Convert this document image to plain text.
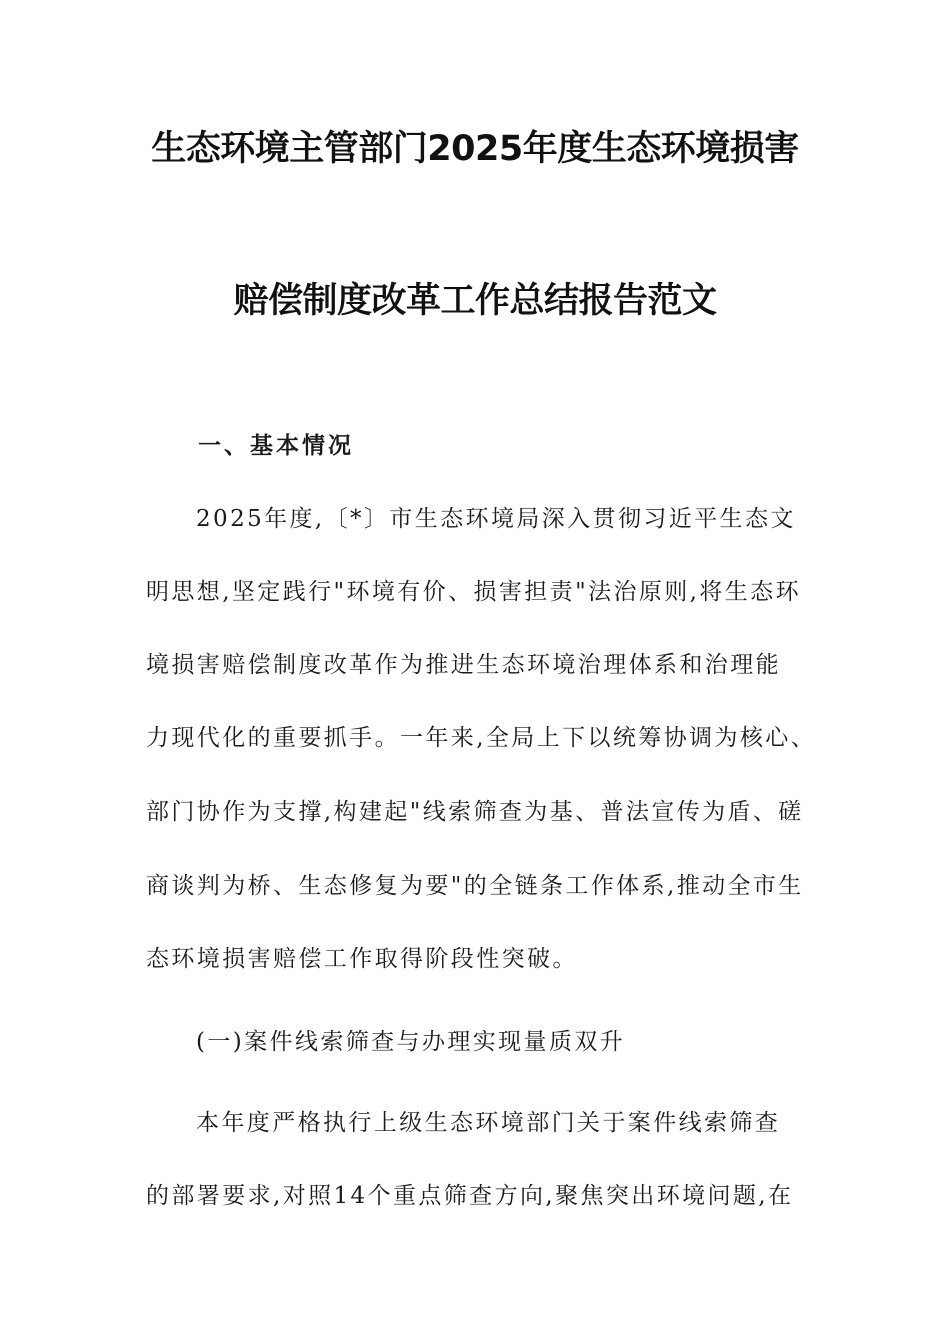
生态环境主管部门2025年度生态环境损害
赔偿制度改革工作总结报告范文
一、基本情况
2025年度,〔*〕市生态环境局深入贯彻习近平生态文
明思想,坚定践行"环境有价、损害担责"法治原则,将生态环
境损害赔偿制度改革作为推进生态环境治理体系和治理能
力现代化的重要抓手。一年来,全局上下以统筹协调为核心、
部门协作为支撑,构建起"线索筛查为基、普法宣传为盾、磋
商谈判为桥、生态修复为要"的全链条工作体系,推动全市生
态环境损害赔偿工作取得阶段性突破。
(一)案件线索筛查与办理实现量质双升
本年度严格执行上级生态环境部门关于案件线索筛查
的部署要求,对照14个重点筛查方向,聚焦突出环境问题,在
